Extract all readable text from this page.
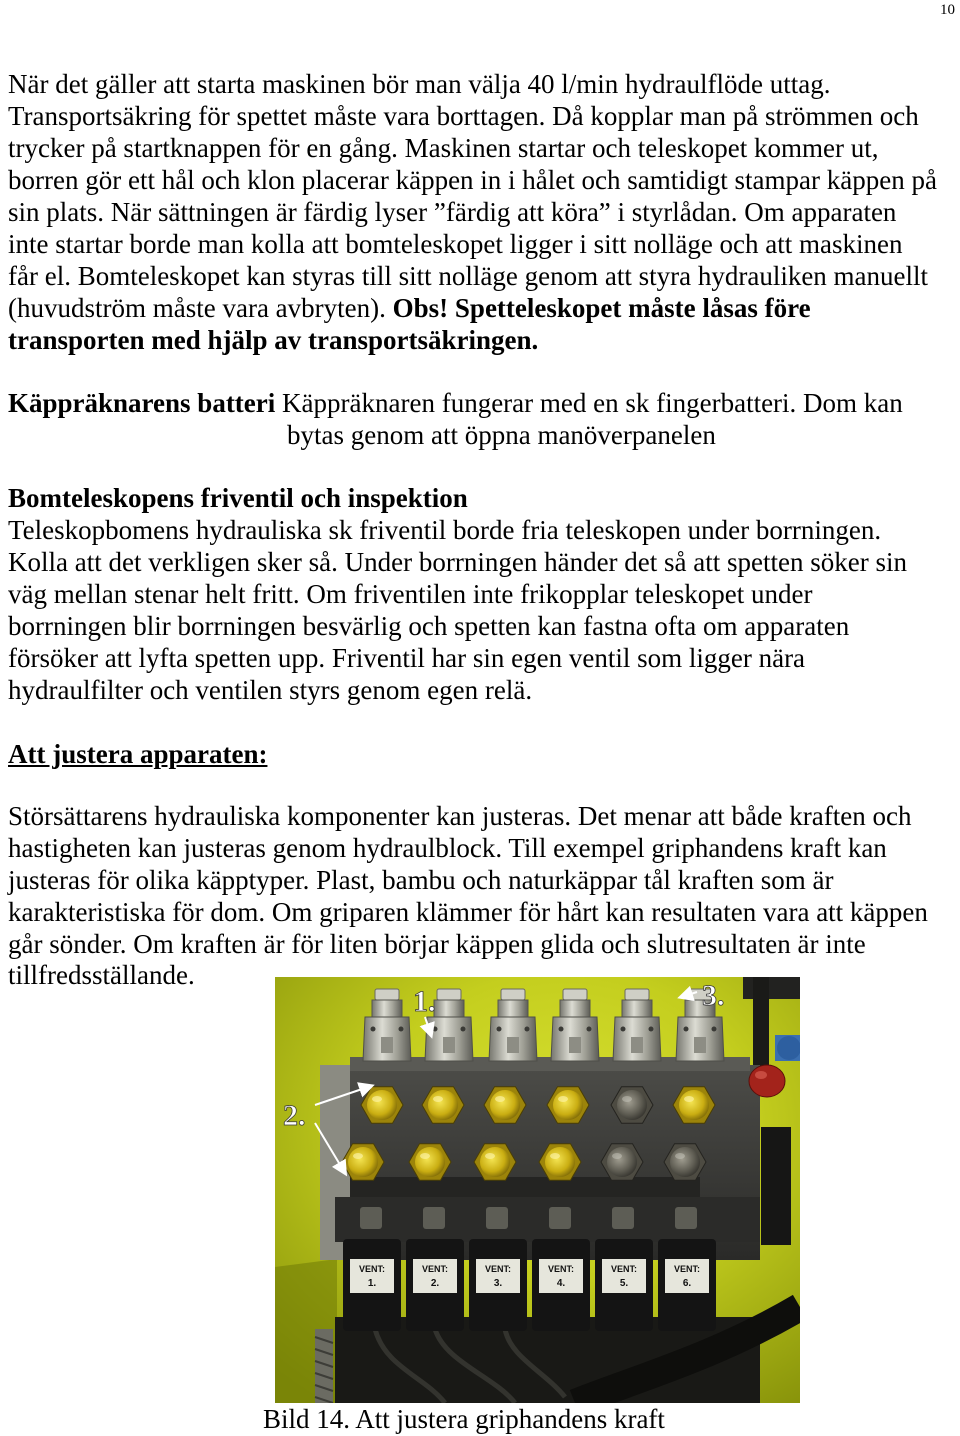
10
När det gäller att starta maskinen bör man välja 40 l/min hydraulflöde uttag.
Transportsäkring för spettet måste vara borttagen. Då kopplar man på strömmen och
trycker på startknappen för en gång. Maskinen startar och teleskopet kommer ut,
borren gör ett hål och klon placerar käppen in i hålet och samtidigt stampar käppen på
sin plats. När sättningen är färdig lyser ”färdig att köra” i styrlådan. Om apparaten
inte startar borde man kolla att bomteleskopet ligger i sitt nolläge och att maskinen
får el. Bomteleskopet kan styras till sitt nolläge genom att styra hydrauliken manuellt
(huvudström måste vara avbryten). Obs! Spetteleskopet måste låsas före
transporten med hjälp av transportsäkringen.
Käppräknarens batteri Käppräknaren fungerar med en sk fingerbatteri. Dom kan
bytas genom att öppna manöverpanelen
Bomteleskopens friventil och inspektion
Teleskopbomens hydrauliska sk friventil borde fria teleskopen under borrningen.
Kolla att det verkligen sker så. Under borrningen händer det så att spetten söker sin
väg mellan stenar helt fritt. Om friventilen inte frikopplar teleskopet under
borrningen blir borrningen besvärlig och spetten kan fastna ofta om apparaten
försöker att lyfta spetten upp. Friventil har sin egen ventil som ligger nära
hydraulfilter och ventilen styrs genom egen relä.
Att justera apparaten:
Störsättarens hydrauliska komponenter kan justeras. Det menar att både kraften och
hastigheten kan justeras genom hydraulblock. Till exempel griphandens kraft kan
justeras för olika käpptyper. Plast, bambu och naturkäppar tål kraften som är
karakteristiska för dom. Om griparen klämmer för hårt kan resultaten vara att käppen
går sönder. Om kraften är för liten börjar käppen glida och slutresultaten är inte
tillfredsställande.
VENT:
1.
VENT:
2.
VENT:
3.
VENT:
4.
VENT:
5.
VENT:
6.
1.
2.
3.
Bild 14. Att justera griphandens kraft
